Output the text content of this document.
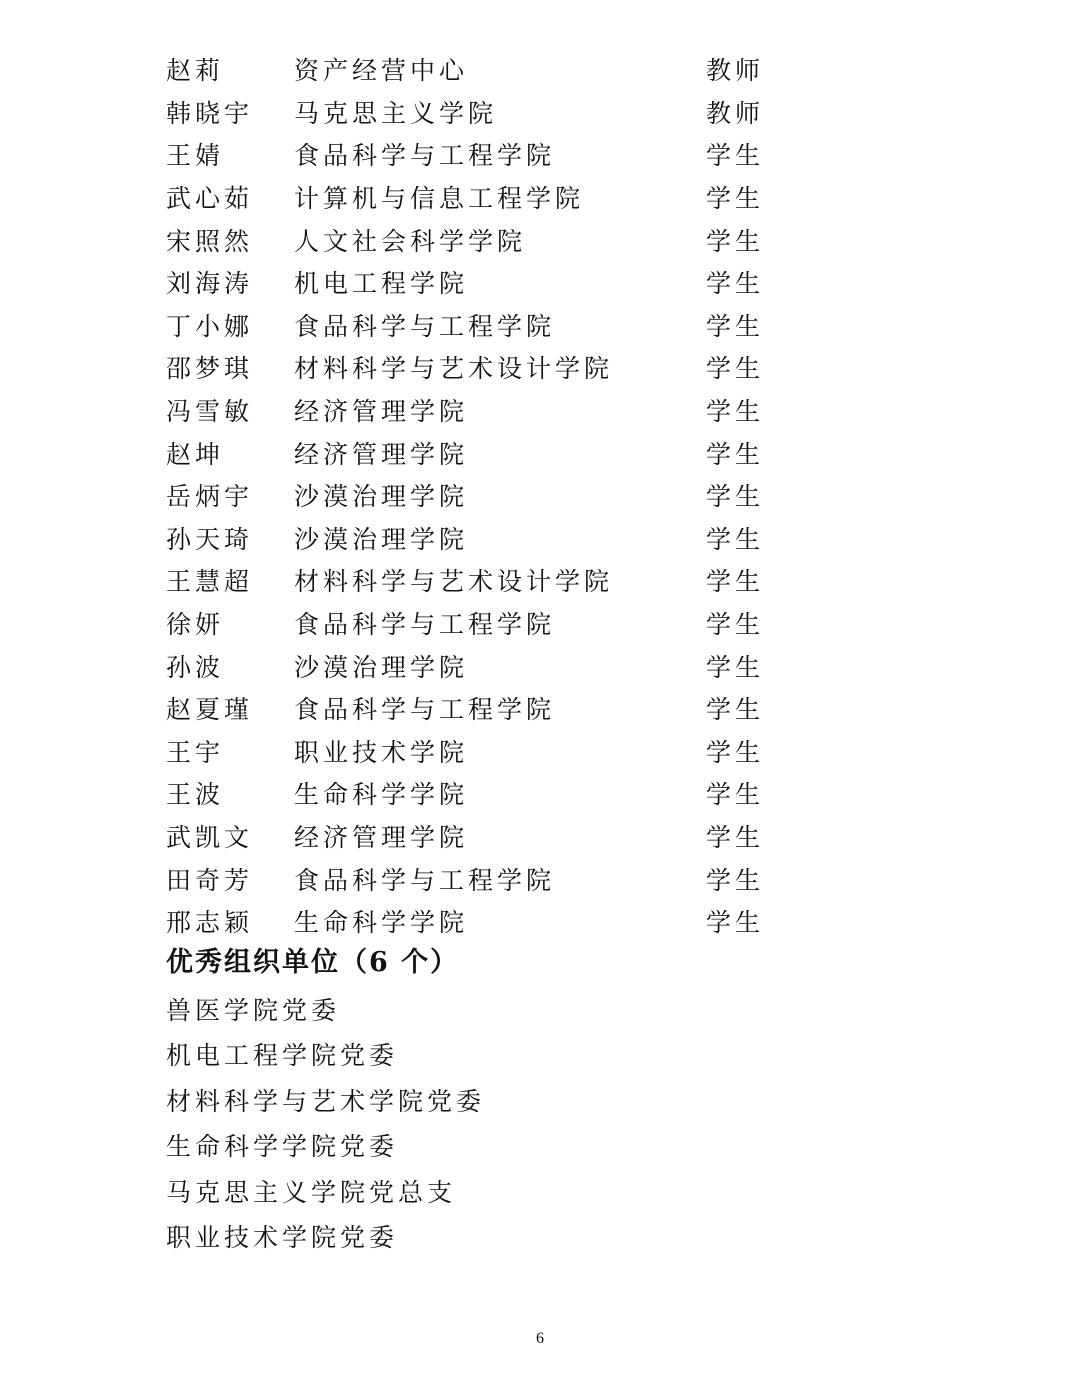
赵莉	资产经营中心	教师
韩晓宇	马克思主义学院	教师
王婧	食品科学与工程学院	学生
武心茹	计算机与信息工程学院	学生
宋照然	人文社会科学学院	学生
刘海涛	机电工程学院	学生
丁小娜	食品科学与工程学院	学生
邵梦琪	材料科学与艺术设计学院	学生
冯雪敏	经济管理学院	学生
赵坤	经济管理学院	学生
岳炳宇	沙漠治理学院	学生
孙天琦	沙漠治理学院	学生
王慧超	材料科学与艺术设计学院	学生
徐妍	食品科学与工程学院	学生
孙波	沙漠治理学院	学生
赵夏瑾	食品科学与工程学院	学生
王宇	职业技术学院	学生
王波	生命科学学院	学生
武凯文	经济管理学院	学生
田奇芳	食品科学与工程学院	学生
邢志颖	生命科学学院	学生
优秀组织单位（6 个）
兽医学院党委
机电工程学院党委
材料科学与艺术学院党委
生命科学学院党委
马克思主义学院党总支
职业技术学院党委
6
